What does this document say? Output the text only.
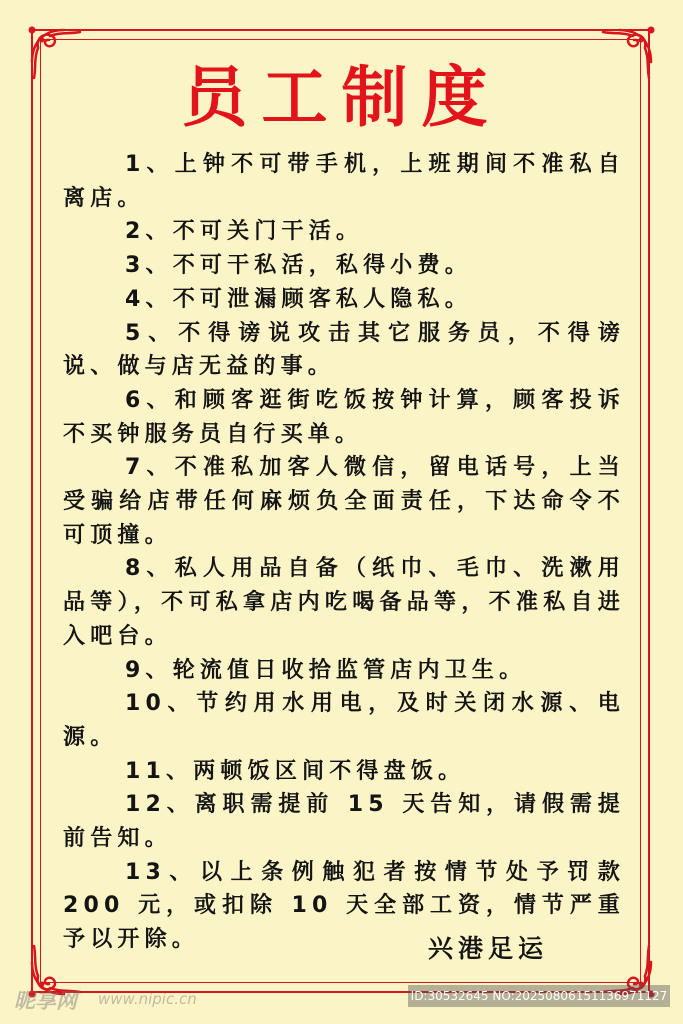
员工制度

1、上钟不可带手机，上班期间不准私自离店。

2、不可关门干活。

3、不可干私活，私得小费。

4、不可泄漏顾客私人隐私。

5、不得谤说攻击其它服务员，不得谤说、做与店无益的事。

6、和顾客逛街吃饭按钟计算，顾客投诉不买钟服务员自行买单。

7、不准私加客人微信，留电话号，上当受骗给店带任何麻烦负全面责任，下达命令不可顶撞。

8、私人用品自备（纸巾、毛巾、洗漱用品等），不可私拿店内吃喝备品等，不准私自进入吧台。

9、轮流值日收拾监管店内卫生。

10、节约用水用电，及时关闭水源、电源。

11、两顿饭区间不得盘饭。

12、离职需提前 15 天告知，请假需提前告知。

13、以上条例触犯者按情节处予罚款 200 元，或扣除 10 天全部工资，情节严重予以开除。	兴港足运
昵享网 www.nipic.cn	ID:30532645 NO:20250806151136971127
